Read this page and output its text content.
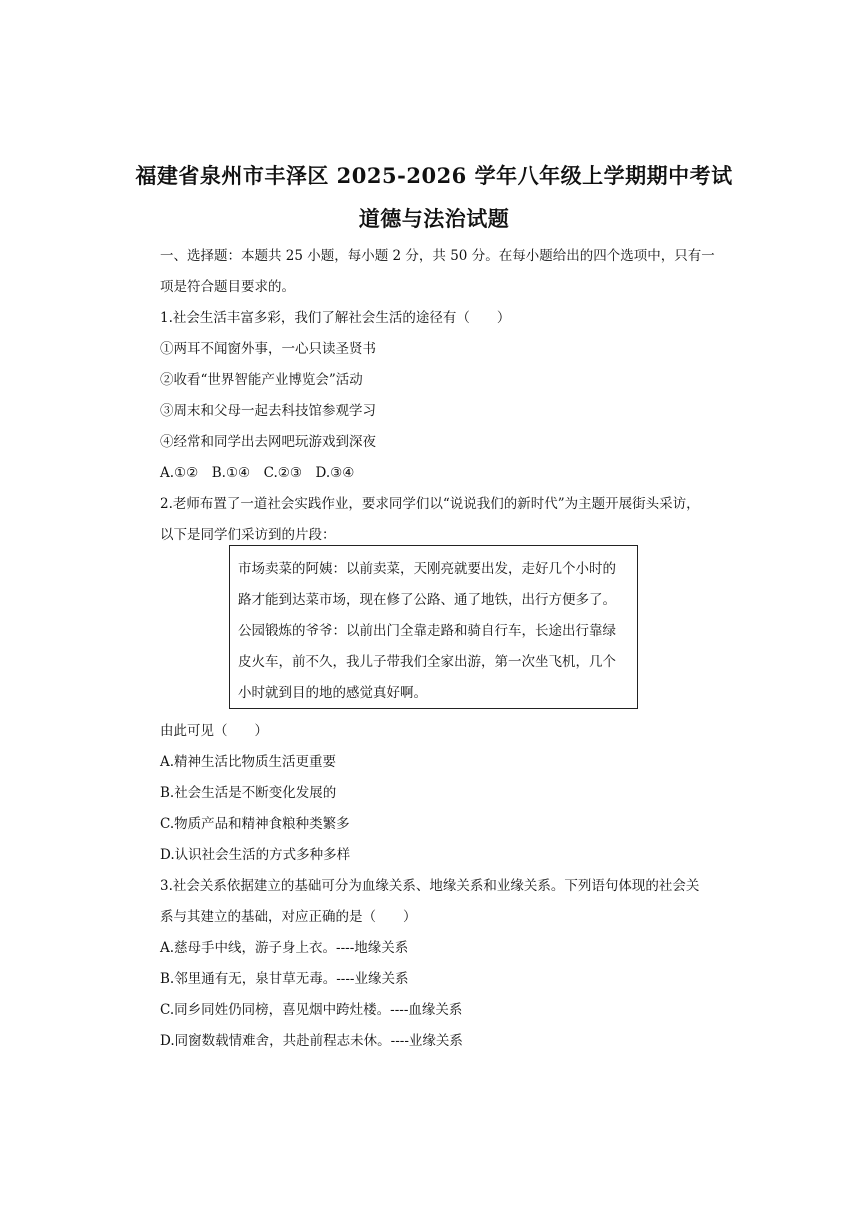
福建省泉州市丰泽区 2025-2026 学年八年级上学期期中考试
道德与法治试题
一、选择题：本题共 25 小题，每小题 2 分，共 50 分。在每小题给出的四个选项中，只有一
项是符合题目要求的。
1.社会生活丰富多彩，我们了解社会生活的途径有（　　）
①两耳不闻窗外事，一心只读圣贤书
②收看“世界智能产业博览会”活动
③周末和父母一起去科技馆参观学习
④经常和同学出去网吧玩游戏到深夜
A.①②　B.①④　C.②③　D.③④
2.老师布置了一道社会实践作业，要求同学们以“说说我们的新时代”为主题开展街头采访，
以下是同学们采访到的片段：
市场卖菜的阿姨：以前卖菜，天刚亮就要出发，走好几个小时的
路才能到达菜市场，现在修了公路、通了地铁，出行方便多了。
公园锻炼的爷爷：以前出门全靠走路和骑自行车，长途出行靠绿
皮火车，前不久，我儿子带我们全家出游，第一次坐飞机，几个
小时就到目的地的感觉真好啊。
由此可见（　　）
A.精神生活比物质生活更重要
B.社会生活是不断变化发展的
C.物质产品和精神食粮种类繁多
D.认识社会生活的方式多种多样
3.社会关系依据建立的基础可分为血缘关系、地缘关系和业缘关系。下列语句体现的社会关
系与其建立的基础，对应正确的是（　　）
A.慈母手中线，游子身上衣。----地缘关系
B.邻里通有无，泉甘草无毒。----业缘关系
C.同乡同姓仍同榜，喜见烟中跨灶楼。----血缘关系
D.同窗数载情难舍，共赴前程志未休。----业缘关系
